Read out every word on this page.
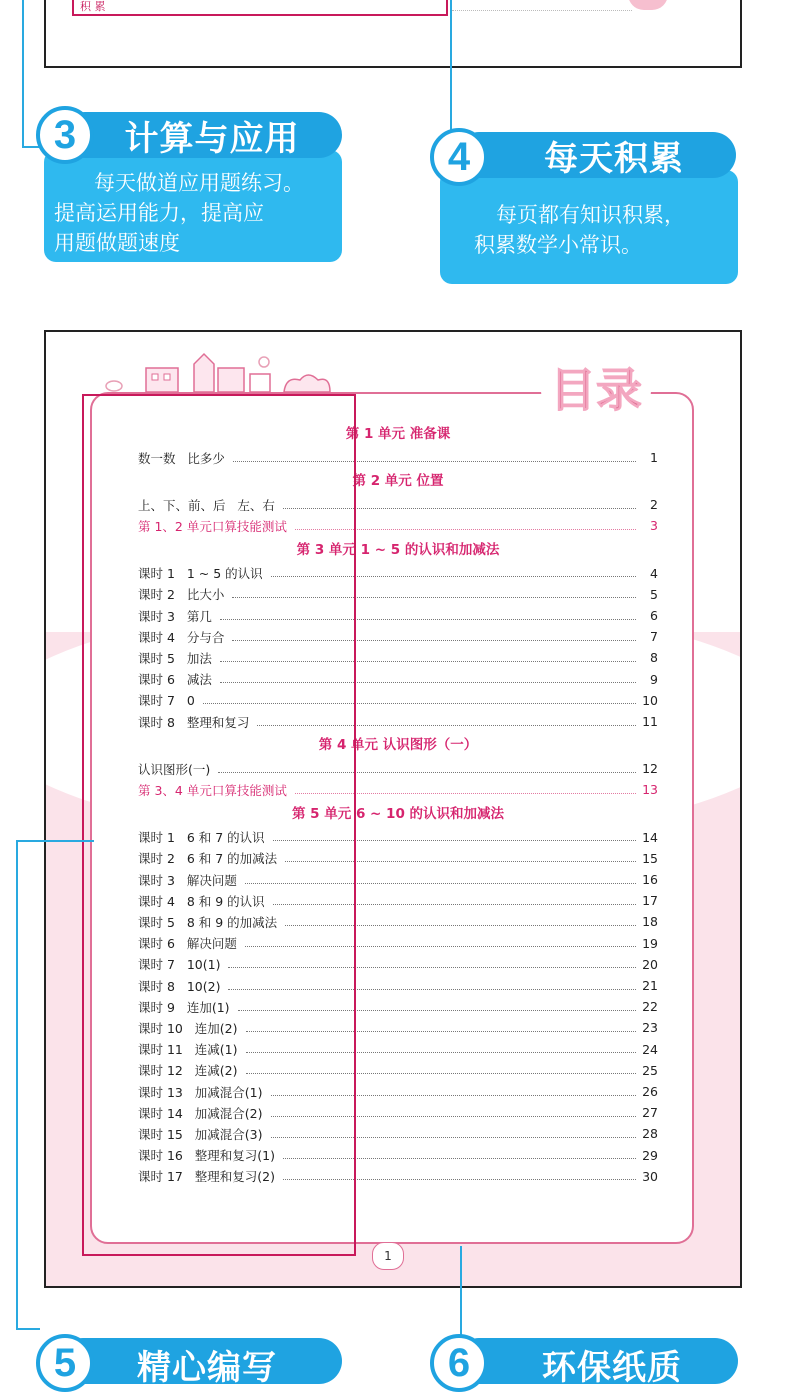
积 累
每天做道应用题练习。
提高运用能力，提高应
用题做题速度
计算与应用
3
每页都有知识积累，
积累数学小常识。
每天积累
4
目录
第 1 单元 准备课
数一数   比多少	1
第 2 单元 位置
上、下、前、后   左、右	2
第 1、2 单元口算技能测试	3
第 3 单元 1 ~ 5 的认识和加减法
课时 1   1 ~ 5 的认识	4
课时 2   比大小	5
课时 3   第几	6
课时 4   分与合	7
课时 5   加法	8
课时 6   减法	9
课时 7   0	10
课时 8   整理和复习	11
第 4 单元 认识图形（一）
认识图形(一)	12
第 3、4 单元口算技能测试	13
第 5 单元 6 ~ 10 的认识和加减法
课时 1   6 和 7 的认识	14
课时 2   6 和 7 的加减法	15
课时 3   解决问题	16
课时 4   8 和 9 的认识	17
课时 5   8 和 9 的加减法	18
课时 6   解决问题	19
课时 7   10(1)	20
课时 8   10(2)	21
课时 9   连加(1)	22
课时 10   连加(2)	23
课时 11   连减(1)	24
课时 12   连减(2)	25
课时 13   加减混合(1)	26
课时 14   加减混合(2)	27
课时 15   加减混合(3)	28
课时 16   整理和复习(1)	29
课时 17   整理和复习(2)	30
1
精心编写
5	环保纸质
6
